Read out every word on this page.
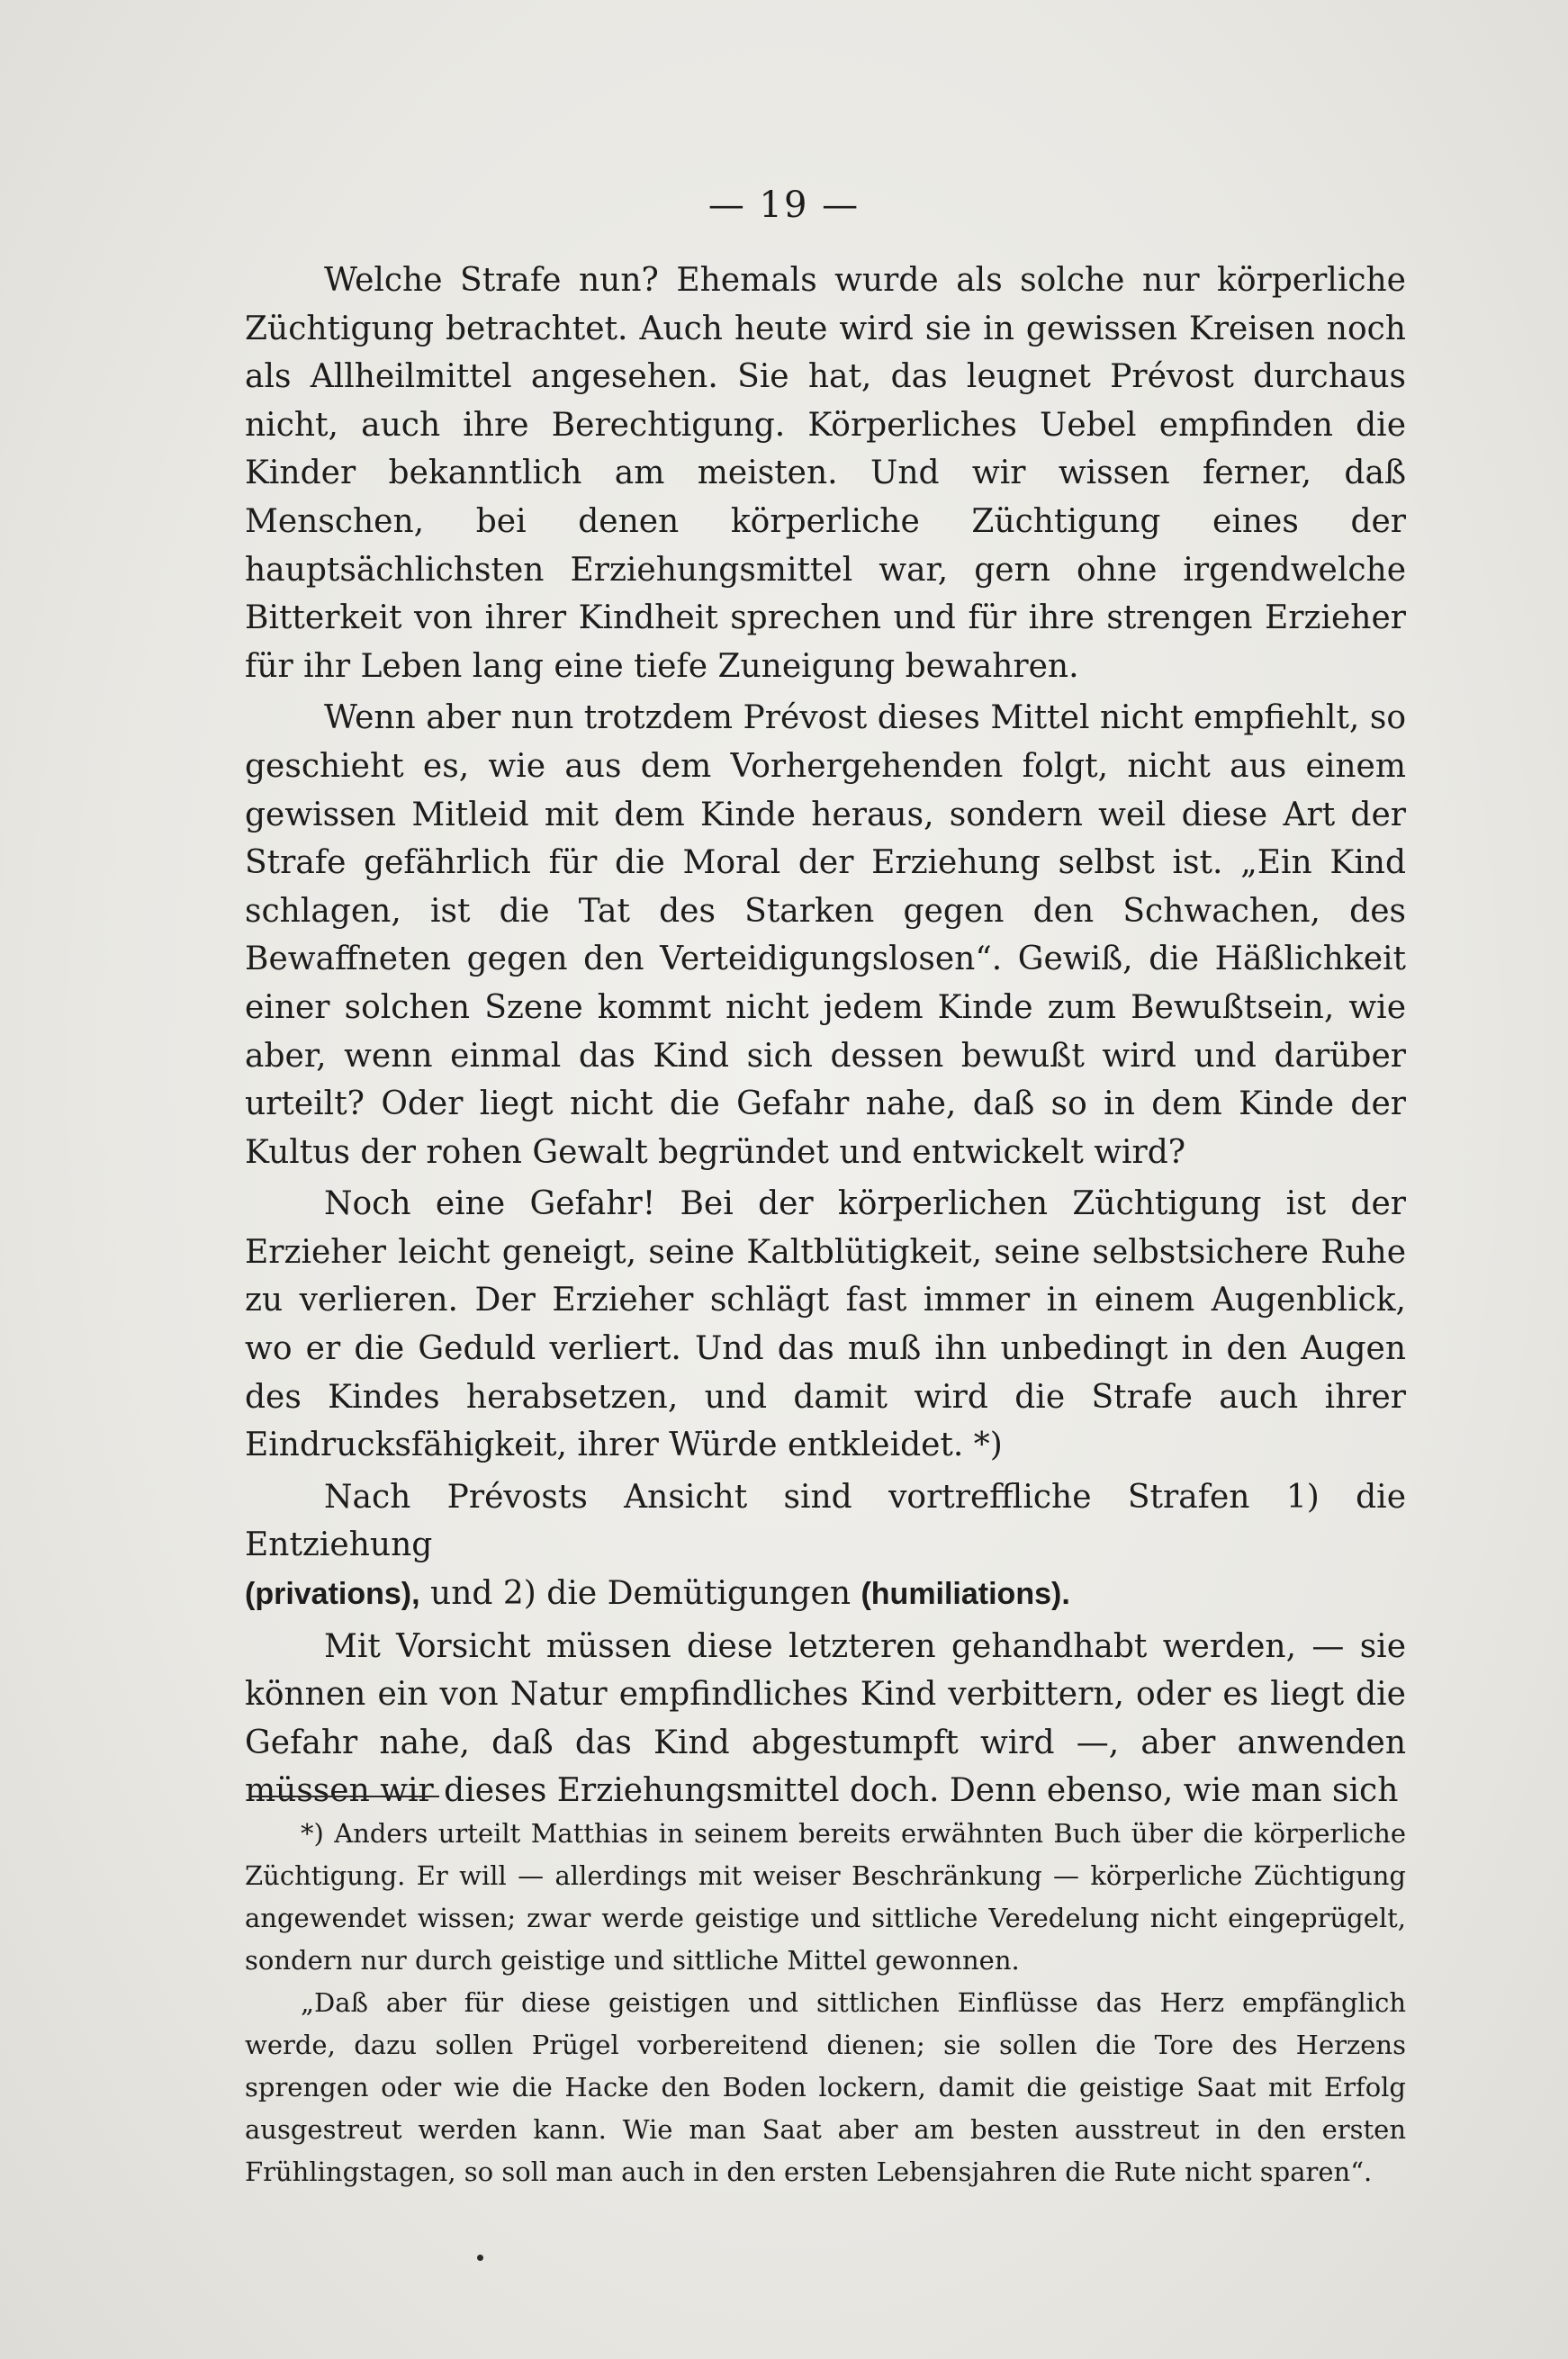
— 19 —

Welche Strafe nun? Ehemals wurde als solche nur körperliche Züchtigung betrachtet. Auch heute wird sie in gewissen Kreisen noch als Allheilmittel angesehen. Sie hat, das leugnet Prévost durchaus nicht, auch ihre Berechtigung. Körperliches Uebel empfinden die Kinder bekanntlich am meisten. Und wir wissen ferner, daß Menschen, bei denen körperliche Züchtigung eines der hauptsächlichsten Erziehungsmittel war, gern ohne irgendwelche Bitterkeit von ihrer Kindheit sprechen und für ihre strengen Erzieher für ihr Leben lang eine tiefe Zuneigung bewahren.

Wenn aber nun trotzdem Prévost dieses Mittel nicht empfiehlt, so geschieht es, wie aus dem Vorhergehenden folgt, nicht aus einem gewissen Mitleid mit dem Kinde heraus, sondern weil diese Art der Strafe gefährlich für die Moral der Erziehung selbst ist. „Ein Kind schlagen, ist die Tat des Starken gegen den Schwachen, des Bewaffneten gegen den Verteidigungslosen“. Gewiß, die Häßlichkeit einer solchen Szene kommt nicht jedem Kinde zum Bewußtsein, wie aber, wenn einmal das Kind sich dessen bewußt wird und darüber urteilt? Oder liegt nicht die Gefahr nahe, daß so in dem Kinde der Kultus der rohen Gewalt begründet und entwickelt wird?

Noch eine Gefahr! Bei der körperlichen Züchtigung ist der Erzieher leicht geneigt, seine Kaltblütigkeit, seine selbstsichere Ruhe zu verlieren. Der Erzieher schlägt fast immer in einem Augenblick, wo er die Geduld verliert. Und das muß ihn unbedingt in den Augen des Kindes herabsetzen, und damit wird die Strafe auch ihrer Eindrucksfähigkeit, ihrer Würde entkleidet. *)

Nach Prévosts Ansicht sind vortreffliche Strafen 1) die Entziehung
(privations), und 2) die Demütigungen (humiliations).

Mit Vorsicht müssen diese letzteren gehandhabt werden, — sie können ein von Natur empfindliches Kind verbittern, oder es liegt die Gefahr nahe, daß das Kind abgestumpft wird —, aber anwenden müssen wir dieses Erziehungsmittel doch. Denn ebenso, wie man sich

*) Anders urteilt Matthias in seinem bereits erwähnten Buch über die körperliche Züchtigung. Er will — allerdings mit weiser Beschränkung — körperliche Züchtigung angewendet wissen; zwar werde geistige und sittliche Veredelung nicht eingeprügelt, sondern nur durch geistige und sittliche Mittel gewonnen.

„Daß aber für diese geistigen und sittlichen Einflüsse das Herz empfänglich werde, dazu sollen Prügel vorbereitend dienen; sie sollen die Tore des Herzens sprengen oder wie die Hacke den Boden lockern, damit die geistige Saat mit Erfolg ausgestreut werden kann. Wie man Saat aber am besten ausstreut in den ersten Frühlingstagen, so soll man auch in den ersten Lebensjahren die Rute nicht sparen“.
